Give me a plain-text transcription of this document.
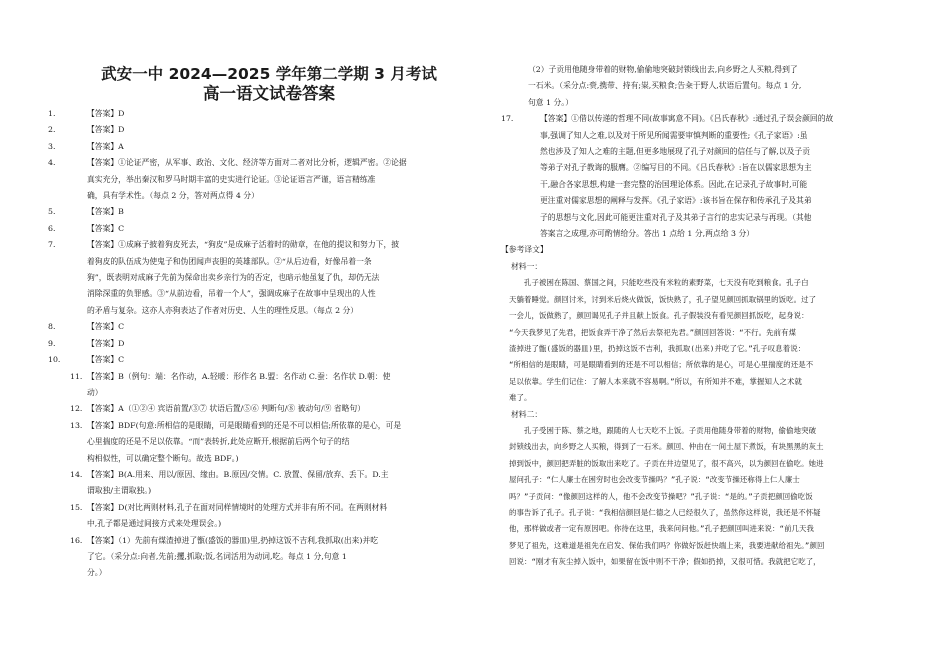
武安一中 2024—2025 学年第二学期 3 月考试
高一语文试卷答案
1.	【答案】D

2.	【答案】D

3.	【答案】A

4.	【答案】①论证严密，从军事、政治、文化、经济等方面对二者对比分析，逻辑严密。②论据

真实充分，举出秦汉和罗马时期丰富的史实进行论证。③论证语言严谨，语言精练准

确，具有学术性。（每点 2 分，答对两点得 4 分）

5.	【答案】B

6.	【答案】C

7.	【答案】①成麻子披着狗皮死去，“狗皮”是成麻子活着时的勋章，在他的提议和努力下，披

着狗皮的队伍成为使鬼子和伪团闻声丧胆的英雄部队。②“从后边看，好像吊着一条

狗”，既表明对成麻子先前为保命出卖乡亲行为的否定，也暗示他虽复了仇，却仍无法

消除深重的负罪感。③“从前边看，吊着一个人”，强调成麻子在故事中呈现出的人性

的矛盾与复杂。这亦人亦狗表达了作者对历史、人生的理性反思。（每点 2 分）

8.	【答案】C

9.	【答案】D

10.	【答案】C

11. 【答案】B（例句：端：名作动，A.轻暖：形作名 B.盟：名作动 C.蚕：名作状 D.朝：使

动）

12. 【答案】A（①②④ 宾语前置/③⑦ 状语后置/⑤⑥ 判断句/⑧ 被动句/⑨ 省略句）

13. 【答案】BDF(句意:所相信的是眼睛，可是眼睛看到的还是不可以相信;所依靠的是心，可是

心里揣度的还是不足以依靠。“而”表转折,此处应断开,根据前后两个句子的结

构相似性，可以确定整个断句。故选 BDF。)

14. 【答案】B(A.用来、用以/原因、缘由。B.原因/交情。C. 放置、保留/放弃、丢下。D.主

谓取独/主谓取独。)

15. 【答案】D(对比两则材料,孔子在面对同样情境时的处理方式并非有所不同。在两则材料

中,孔子都是通过间接方式来处理误会。)

16. 【答案】（1）先前有煤渣掉进了甑(盛饭的器皿)里,扔掉这饭不吉利,我抓取(出来)并吃

了它。（采分点:向者,先前;攫,抓取;饭,名词活用为动词,吃。每点 1 分,句意 1

分。）

（2）子贡用他随身带着的财物,偷偷地突破封锁线出去,向乡野之人买粮,得到了

一石米。（采分点:赍,携带、持有;粜,买粮食;告籴于野人,状语后置句。每点 1 分,

句意 1 分。）

17.	【答案】①借以传递的哲理不同(故事寓意不同)。《吕氏春秋》:通过孔子误会颜回的故

事,强调了知人之难,以及对于所见所闻需要审慎判断的重要性;《孔子家语》:虽

然也涉及了知人之难的主题,但更多地展现了孔子对颜回的信任与了解,以及子贡

等弟子对孔子教诲的服膺。②编写目的不同。《吕氏春秋》:旨在以儒家思想为主

干,融合各家思想,构建一套完整的治国理论体系。因此,在记录孔子故事时,可能

更注重对儒家思想的阐释与发挥。《孔子家语》:该书旨在保存和传承孔子及其弟

子的思想与文化,因此可能更注重对孔子及其弟子言行的忠实记录与再现。（其他

答案言之成理,亦可酌情给分。答出 1 点给 1 分,两点给 3 分）

【参考译文】

材料一：

孔子被困在陈国、蔡国之间，只能吃些没有米粒的素野菜，七天没有吃到粮食。孔子白

天躺着睡觉。颜回讨米，讨到米后烧火做饭，饭快熟了，孔子望见颜回抓取锅里的饭吃。过了

一会儿，饭做熟了，颜回谒见孔子并且献上饭食。孔子假装没有看见颜回抓饭吃，起身说：

“今天我梦见了先君，把饭食弄干净了然后去祭祀先君。”颜回回答说：“不行。先前有煤

渣掉进了甑(盛饭的器皿)里，扔掉这饭不吉利，我抓取(出来)并吃了它。”孔子叹息着说：

“所相信的是眼睛，可是眼睛看到的还是不可以相信；所依靠的是心，可是心里揣度的还是不

足以依靠。学生们记住：了解人本来就不容易啊。”所以，有所知并不难，掌握知人之术就

难了。

材料二：

孔子受困于陈、蔡之地，跟随的人七天吃不上饭。子贡用他随身带着的财物，偷偷地突破

封锁线出去，向乡野之人买粮，得到了一石米。颜回、仲由在一间土屋下煮饭，有块黑黑的灰土

掉到饭中，颜回把弄脏的饭取出来吃了。子贡在井边望见了，很不高兴，以为颜回在偷吃。她进

屋问孔子：“仁人廉士在困穷时也会改变节操吗？”孔子说：“改变节操还称得上仁人廉士

吗？”子贡问：“像颜回这样的人，他不会改变节操吧？”孔子说：“是的。”子贡把颜回偷吃饭

的事告诉了孔子。孔子说：“我相信颜回是仁德之人已经很久了，虽然你这样说，我还是不怀疑

他，那样做或者一定有原因吧。你待在这里，我来问问他。”孔子把颜回叫进来说：“前几天我

梦见了祖先，这难道是祖先在启发、保佑我们吗？你做好饭赶快端上来，我要进献给祖先。”颜回

回说：“刚才有灰尘掉入饭中，如果留在饭中则不干净；假如扔掉，又很可惜。我就把它吃了，
